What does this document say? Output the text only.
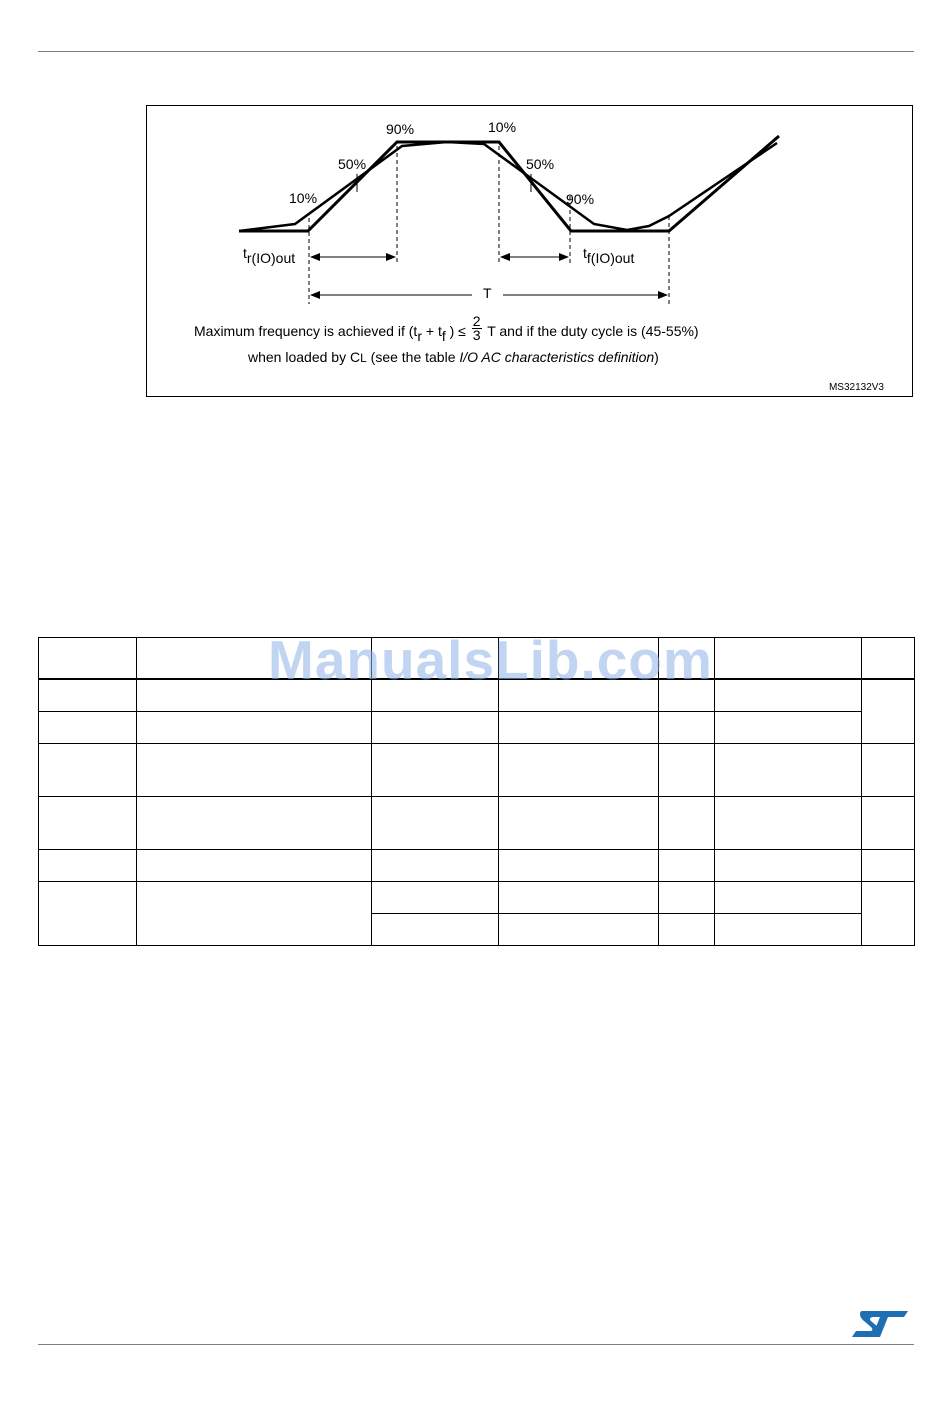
10%
50%
90%	10%
50%
90%
tr(IO)out	tf(IO)out
T
Maximum frequency is achieved if (tr + tf ) ≤ $\frac{2}{3}$ T and if the duty cycle is (45-55%)
when loaded by CL (see the table I/O AC characteristics definition)
MS32132V3

ManualsLib.com
